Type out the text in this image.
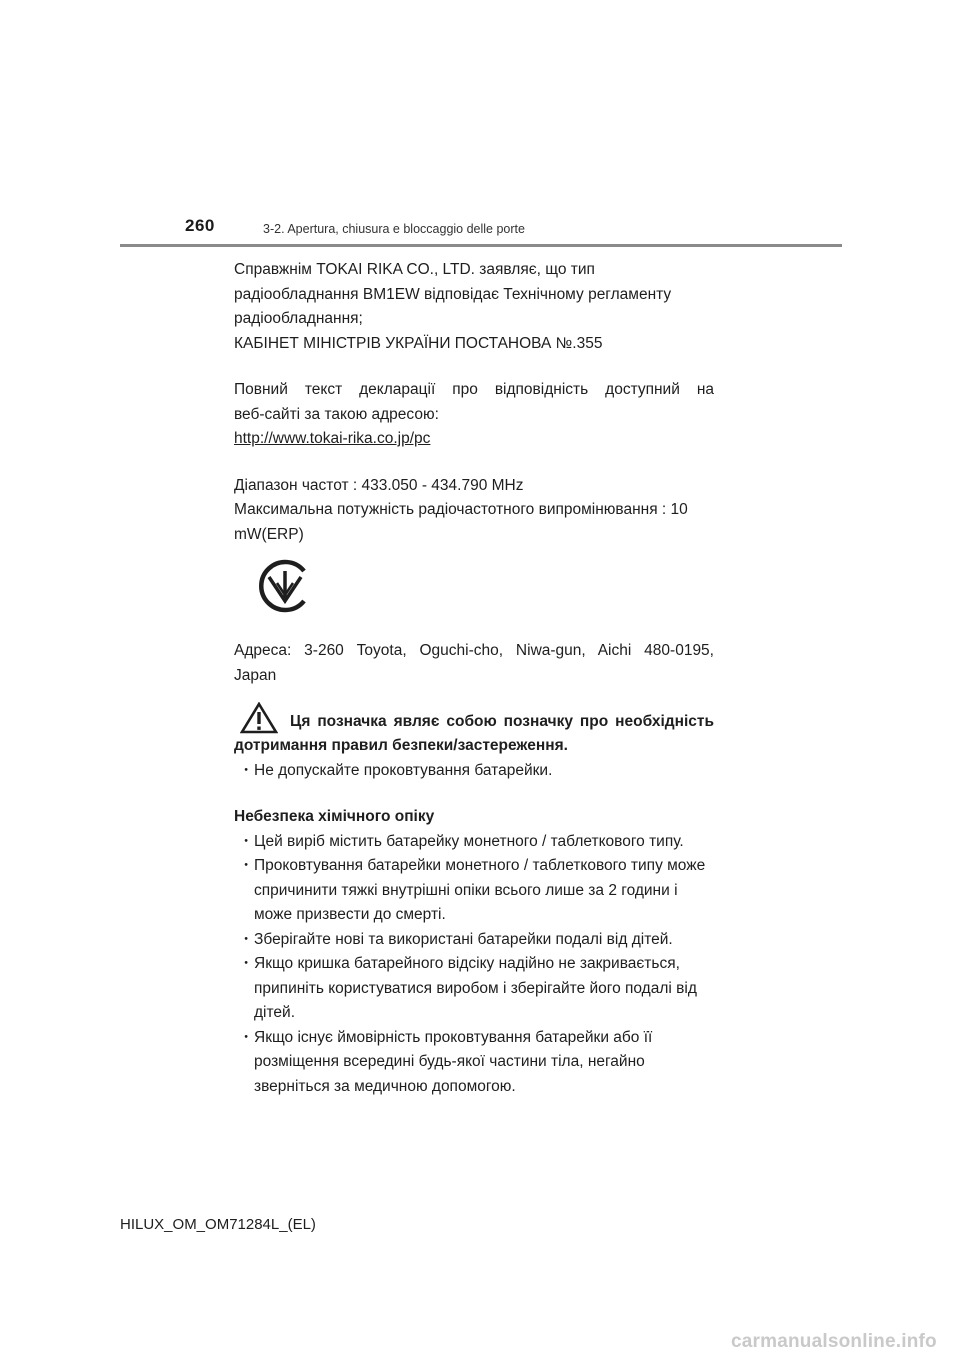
260	3-2. Apertura, chiusura e bloccaggio delle porte

Справжнім TOKAI RIKA CO., LTD. заявляє, що тип

радіообладнання BM1EW відповідає Технічному регламенту

радіообладнання;

КАБІНЕТ МІНІСТРІВ УКРАЇНИ ПОСТАНОВА №.355

Повний текст декларації про відповідність доступний на

веб-сайті за такою адресою:

http://www.tokai-rika.co.jp/pc

Діапазон частот : 433.050 - 434.790 MHz

Максимальна потужність радіочастотного випромінювання : 10

mW(ERP)

Адреса: 3-260 Toyota, Oguchi-cho, Niwa-gun, Aichi 480-0195,

Japan

Ця позначка являє собою позначку про необхідність

дотримання правил безпеки/застереження.

･ Не допускайте проковтування батарейки.

Небезпека хімічного опіку

･ Цей виріб містить батарейку монетного / таблеткового типу.
･ Проковтування батарейки монетного / таблеткового типу може

спричинити тяжкі внутрішні опіки всього лише за 2 години і

може призвести до смерті.

･ Зберігайте нові та використані батарейки подалі від дітей.
･ Якщо кришка батарейного відсіку надійно не закривається,

припиніть користуватися виробом і зберігайте його подалі від

дітей.

･ Якщо існує ймовірність проковтування батарейки або її

розміщення всередині будь-якої частини тіла, негайно

зверніться за медичною допомогою.

HILUX_OM_OM71284L_(EL)
carmanualsonline.info
